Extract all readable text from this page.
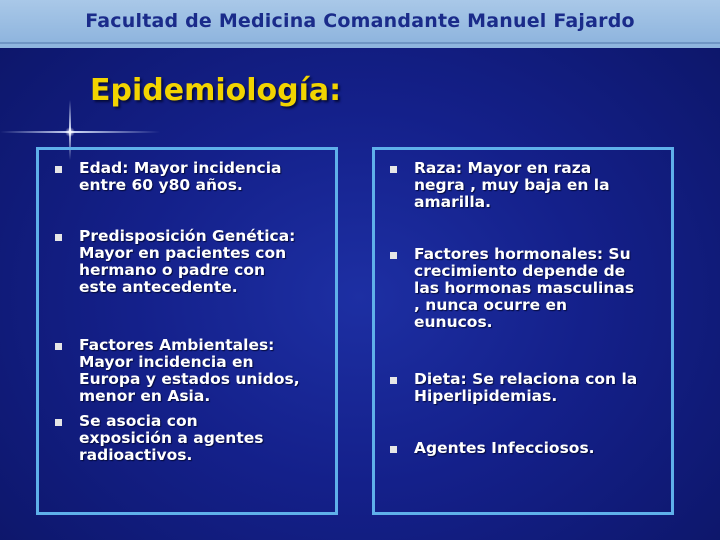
Facultad de Medicina Comandante Manuel Fajardo
Epidemiología:
Edad: Mayor incidencia
entre 60 y80 años.
Predisposición Genética:
Mayor en pacientes con
hermano o padre con
este antecedente.
Factores Ambientales:
Mayor incidencia en
Europa y estados unidos,
menor en Asia.
Se asocia con
exposición a agentes
radioactivos.
Raza: Mayor en raza
negra , muy baja en la
amarilla.
Factores hormonales: Su
crecimiento depende de
las hormonas masculinas
, nunca ocurre en
eunucos.
Dieta: Se relaciona con la
Hiperlipidemias.
Agentes Infecciosos.
